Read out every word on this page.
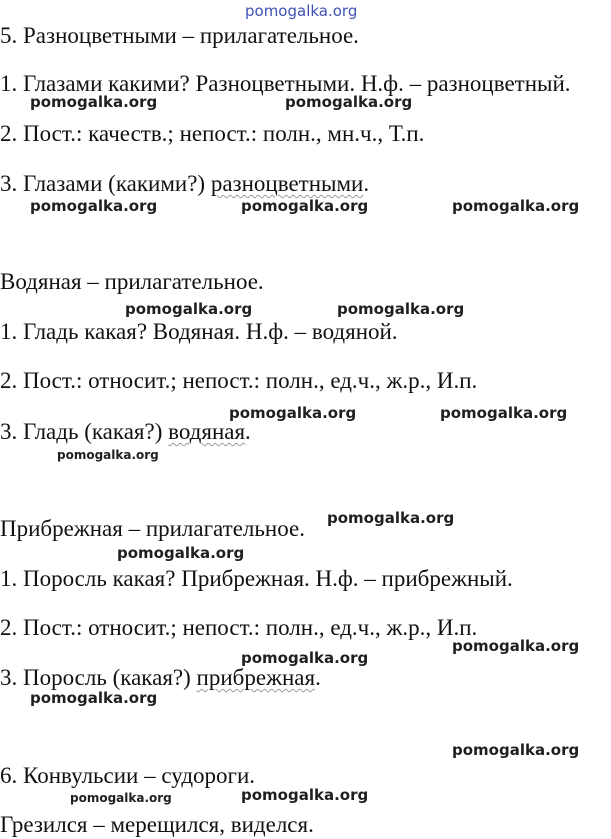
pomogalka.org
5. Разноцветными – прилагательное.
1. Глазами какими? Разноцветными. Н.ф. – разноцветный.
2. Пост.: качеств.; непост.: полн., мн.ч., Т.п.
3. Глазами (какими?) разноцветными.
Водяная – прилагательное.
1. Гладь какая? Водяная. Н.ф. – водяной.
2. Пост.: относит.; непост.: полн., ед.ч., ж.р., И.п.
3. Гладь (какая?) водяная.
Прибрежная – прилагательное.
1. Поросль какая? Прибрежная. Н.ф. – прибрежный.
2. Пост.: относит.; непост.: полн., ед.ч., ж.р., И.п.
3. Поросль (какая?) прибрежная.
6. Конвульсии – судороги.
Грезился – мерещился, виделся.
pomogalka.org	pomogalka.org
pomogalka.org	pomogalka.org	pomogalka.org
pomogalka.org	pomogalka.org
pomogalka.org	pomogalka.org
pomogalka.org
pomogalka.org
pomogalka.org
pomogalka.org
pomogalka.org
pomogalka.org
pomogalka.org
pomogalka.org
pomogalka.org
